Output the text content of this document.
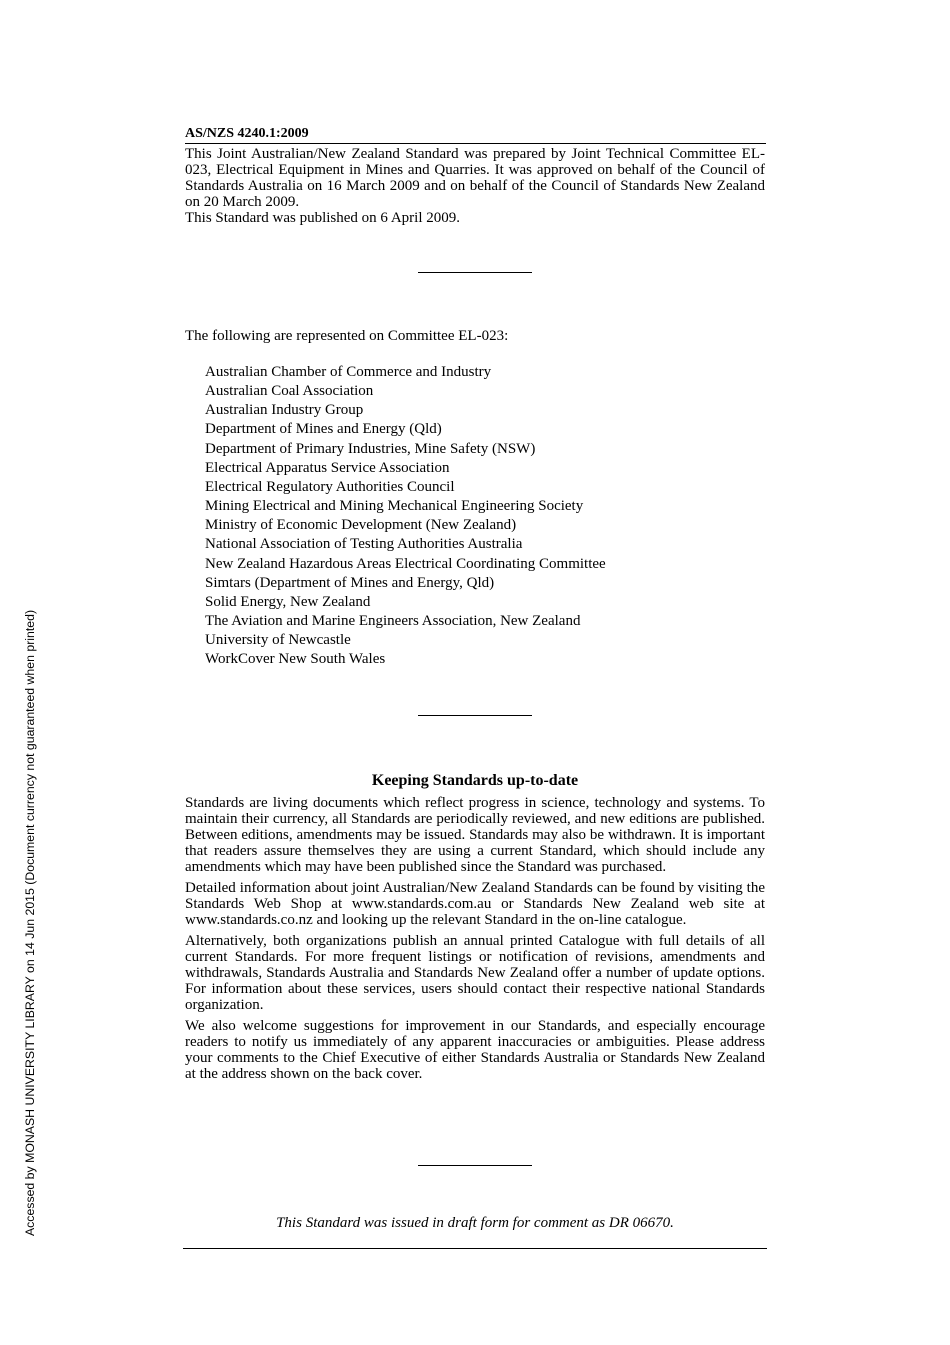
AS/NZS 4240.1:2009

This Joint Australian/New Zealand Standard was prepared by Joint Technical Committee EL-023, Electrical Equipment in Mines and Quarries. It was approved on behalf of the Council of Standards Australia on 16 March 2009 and on behalf of the Council of Standards New Zealand on 20 March 2009.

This Standard was published on 6 April 2009.

The following are represented on Committee EL-023:
Australian Chamber of Commerce and Industry
Australian Coal Association
Australian Industry Group
Department of Mines and Energy (Qld)
Department of Primary Industries, Mine Safety (NSW)
Electrical Apparatus Service Association
Electrical Regulatory Authorities Council
Mining Electrical and Mining Mechanical Engineering Society
Ministry of Economic Development (New Zealand)
National Association of Testing Authorities Australia
New Zealand Hazardous Areas Electrical Coordinating Committee
Simtars (Department of Mines and Energy, Qld)
Solid Energy, New Zealand
The Aviation and Marine Engineers Association, New Zealand
University of Newcastle
WorkCover New South Wales
Keeping Standards up-to-date

Standards are living documents which reflect progress in science, technology and systems. To maintain their currency, all Standards are periodically reviewed, and new editions are published. Between editions, amendments may be issued. Standards may also be withdrawn. It is important that readers assure themselves they are using a current Standard, which should include any amendments which may have been published since the Standard was purchased.

Detailed information about joint Australian/New Zealand Standards can be found by visiting the Standards Web Shop at www.standards.com.au or Standards New Zealand web site at www.standards.co.nz and looking up the relevant Standard in the on-line catalogue.

Alternatively, both organizations publish an annual printed Catalogue with full details of all current Standards. For more frequent listings or notification of revisions, amendments and withdrawals, Standards Australia and Standards New Zealand offer a number of update options. For information about these services, users should contact their respective national Standards organization.

We also welcome suggestions for improvement in our Standards, and especially encourage readers to notify us immediately of any apparent inaccuracies or ambiguities. Please address your comments to the Chief Executive of either Standards Australia or Standards New Zealand at the address shown on the back cover.

This Standard was issued in draft form for comment as DR 06670.
Accessed by MONASH UNIVERSITY LIBRARY on 14 Jun 2015 (Document currency not guaranteed when printed)
